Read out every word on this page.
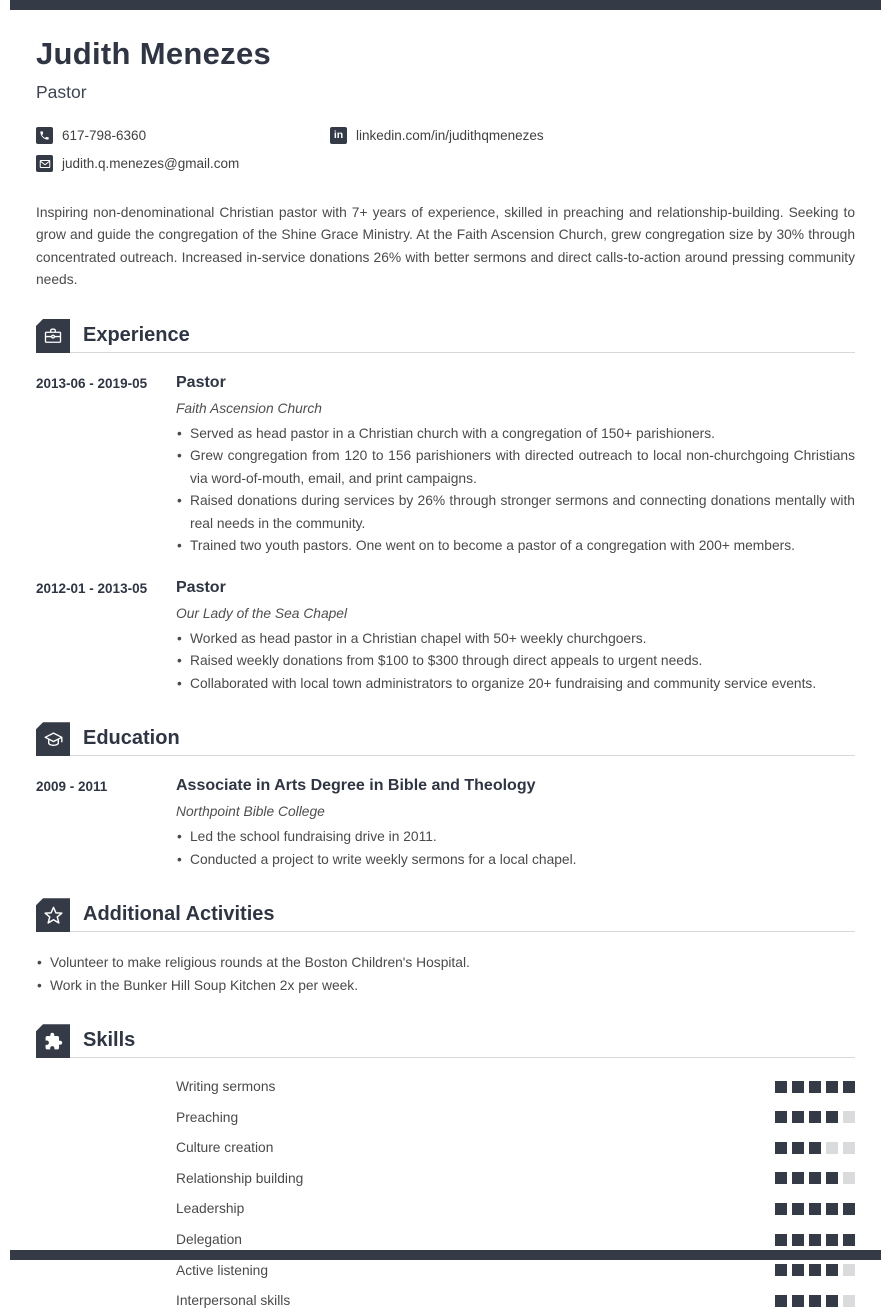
Judith Menezes
Pastor
617-798-6360	in linkedin.com/in/judithqmenezes
judith.q.menezes@gmail.com

Inspiring non-denominational Christian pastor with 7+ years of experience, skilled in preaching and relationship-building. Seeking to grow and guide the congregation of the Shine Grace Ministry. At the Faith Ascension Church, grew congregation size by 30% through concentrated outreach. Increased in-service donations 26% with better sermons and direct calls-to-action around pressing community needs.

Experience
2013-06 - 2019-05	Pastor
Faith Ascension Church
• Served as head pastor in a Christian church with a congregation of 150+ parishioners.
• Grew congregation from 120 to 156 parishioners with directed outreach to local non-churchgoing Christians via word-of-mouth, email, and print campaigns.
• Raised donations during services by 26% through stronger sermons and connecting donations mentally with real needs in the community.
• Trained two youth pastors. One went on to become a pastor of a congregation with 200+ members.
2012-01 - 2013-05	Pastor
Our Lady of the Sea Chapel
• Worked as head pastor in a Christian chapel with 50+ weekly churchgoers.
• Raised weekly donations from $100 to $300 through direct appeals to urgent needs.
• Collaborated with local town administrators to organize 20+ fundraising and community service events.
Education
2009 - 2011	Associate in Arts Degree in Bible and Theology
Northpoint Bible College
• Led the school fundraising drive in 2011.
• Conducted a project to write weekly sermons for a local chapel.
Additional Activities
• Volunteer to make religious rounds at the Boston Children's Hospital.
• Work in the Bunker Hill Soup Kitchen 2x per week.
Skills
Writing sermons
Preaching
Culture creation
Relationship building
Leadership
Delegation
Active listening
Interpersonal skills
